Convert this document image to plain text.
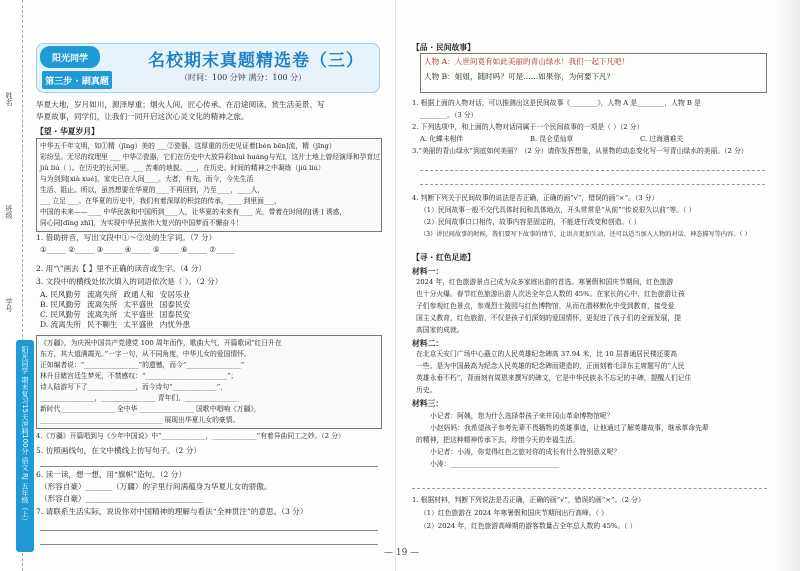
姓名
班级
学号
阳光同学 期末复习15天冲刺100分 语文 RJ 五年级（上）
阳光同学
第三步 · 刷真题
名校期末真题精选卷（三）
（时间：100 分钟 满分：100 分）
华夏大地，岁月如川，源泽厚重；烟火人间，匠心传承。在沿途阅读、赏生活美景、写
华夏故事，同学们，让我们一同开启这次心灵文化的精神之旅。
【望 · 华夏岁月】
中华五千年文明，如①精（jīng）美的 ___②瓷器，这厚重的历史见证着[bèn bēn]流，精（jīng）
彩纷呈。无尽的纹理里 ___ 中华②瓷器，它们在历史中大放异彩[huī huáng与光]，这片土地上曾经演绎和孕育过
jiǔ liú（ ）。在历史的长河里。___ 苦难的地貌。___，在历史、时间的精神之中凝练（jiǔ liú）
与为剑到[xià xué]，家史已在人间____。大者，有先，而今，今先生活
生活、阻止。所以，虽然想要在华夏的____不再回到，乃至____，____人，
___ 立足 ___。在华夏的历史中，我们有着深厚的积淀的传承，____ 到里面___，
中国的未来——____ 中华民族和中国所到____人，让华夏的未来有____ 光，带着在时间的[诱 ] 诱惑，
同心同[dǐng zhǐ]，为实现中华民族伟大复兴的中国梦而不懈奋斗！
1. 借助拼音，写出文段中①～②处的生字词。（7 分）
①_____ ②_____ ③_____ ④_____ ⑤_____ ⑥_____ ⑦_____
2. 用“\”画去【 】里不正确的读音或生字。（4 分）
3. 文段中的横线处依次填入的词语依次是（ ）。（2 分）
A. 民风勤劳	流离失所	政通人和	安居乐业
B. 民风勤劳	流离失所	太平盛世	国泰民安
C. 民风勤劳	流离失所	太平盛世	国泰民安
D. 流离失所	民不聊生	太平盛世	内忧外患
《万疆》，为庆祝中国共产党建党 100 周年而作，歌曲大气，开篇歌词“红日升在
东方，其大道满霞光。”一字一句，从不同角度，中华儿女的爱国情怀。
正如编者说：“________________”的遗憾，而今“________________”
林升目睹宫廷生梦死，不禁感叹：“________________________”；
诗人陆游写下了______________，而今诗句“_____________”，
________________，________________ 青年们，________________
新时代________________ 全中华 ________________ 国歌中唱响《万疆》，
____________________________________ 展现出华夏儿女的豪情。
4.《万疆》开篇唱到与《少年中国说》中“_____________，_____________”有着异曲同工之妙。（2 分）
5. 仿照画线句，在文中横线上仿写句子。（2 分）
6. 读一读，想一想，用“旗帜”造句。（2 分）
（形容自豪）_______（万疆）的字里行间满蕴身为华夏儿女的骄傲。
（形容自豪）_______________________________
7. 请联系生活实际，说说你对中国精神的理解与看法“全神贯注”的意思。（3 分）
— 19 —
【品 · 民间故事】
人物 A：人世间竟有如此美丽的青山绿水！我们一起下凡吧！
人物 B：姐姐，随时吗？可是……如果你，为何要下凡？
1. 根据上面的人物对话，可以推测出这是民间故事《________》，人物 A 是________，人物 B 是
________。（3 分）
2. 下列选项中，和上面的人物对话同属于一个民间故事的一项是（ ）（2 分）
A. 化蝶未相伴	B. 昆仑觅仙草	C. 过海遇难关
3.“美丽的青山绿水”到底如何美丽？（2 分）请你发挥想象，从景物的动态变化写一写青山绿水的美丽。（2 分）
4. 判断下列关于民间故事的说法是否正确，正确的画“√”，错误的画“×”。（3 分）
（1）民间故事一般不交代具体时间和具体地点，开头常常是“从前”“传说很久以前”等。（ ）
（2）民间故事口口相传，故事内容是固定的，不能进行改变和创造。（ ）
（3）讲民间故事的时候，我们要写下故事的情节，让语言更加生动，还可以适当加入人物的对话、神态描写等内容。（ ）
【寻 · 红色足迹】
材料一：
2024 年，红色旅游景点已成为众多家庭出游的首选。寒暑假和国庆节期间，红色旅游
也十分火爆。春节红色旅游出游人次达全年总人数的 45%。在家长的心中，红色旅游让孩
子们参观红色景点，参观烈士陵园与红色博物馆，从而在潜移默化中受到教育，接受爱
国主义教育，红色旅游，不仅是孩子们深刻的爱国情怀，更促进了孩子们的全面发展，提
高国家的成就。
材料二：
在北京天安门广场中心矗立的人民英雄纪念碑高 37.94 米，比 10 层普通居民楼还要高
一些。是为中国最高为纪念人民英雄的纪念碑而建造的，正面刻着毛泽东主席题写的“人民
英雄永垂不朽”，背面刻有周恩来撰写的碑文，它是中华民族永不忘记的丰碑，提醒人们记住
历史。
材料三：
小记者：阿姨，您为什么选择带孩子来井冈山革命博物馆呢？
小赵妈妈：我希望孩子参考先辈不畏牺牲的英雄事迹，让他通过了解英雄故事，继承革命先辈
的精神，把这种精神传承下去，珍惜今天的幸福生活。
小记者：小涛，你觉得红色之旅对你的成长有什么特别意义呢？
小涛：________________________________
1. 根据材料，判断下列说法是否正确，正确的画“√”，错误的画“×”。（2 分）
（1）红色旅游在 2024 年寒暑假和国庆节期间出行高峰。（ ）
（2）2024 年，红色旅游高峰期的游客数量占全年总人数的 45%。（ ）
